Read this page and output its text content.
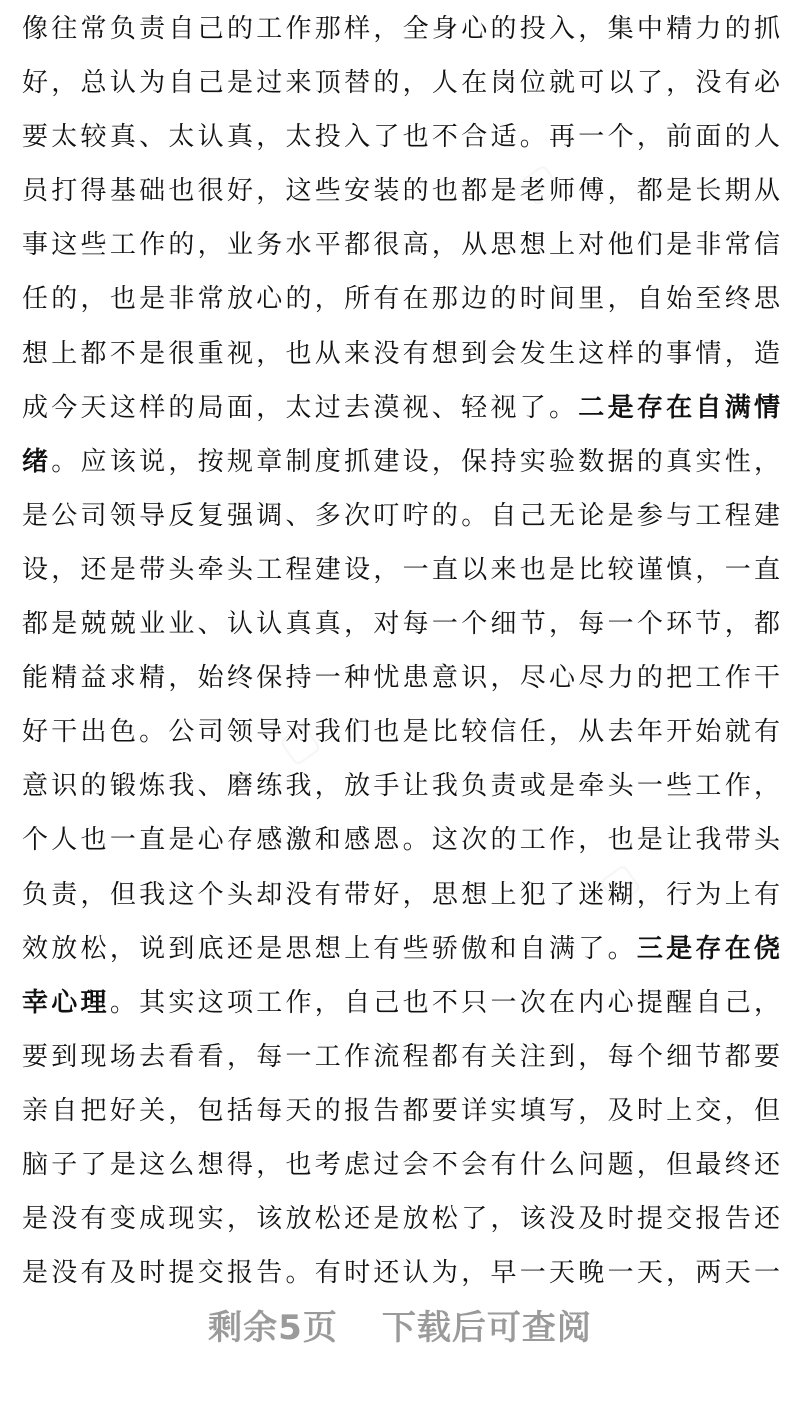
像往常负责自己的工作那样，全身心的投入，集中精力的抓
好，总认为自己是过来顶替的，人在岗位就可以了，没有必
要太较真、太认真，太投入了也不合适。再一个，前面的人
员打得基础也很好，这些安装的也都是老师傅，都是长期从
事这些工作的，业务水平都很高，从思想上对他们是非常信
任的，也是非常放心的，所有在那边的时间里，自始至终思
想上都不是很重视，也从来没有想到会发生这样的事情，造
成今天这样的局面，太过去漠视、轻视了。二是存在自满情
绪。应该说，按规章制度抓建设，保持实验数据的真实性，
是公司领导反复强调、多次叮咛的。自己无论是参与工程建
设，还是带头牵头工程建设，一直以来也是比较谨慎，一直
都是兢兢业业、认认真真，对每一个细节，每一个环节，都
能精益求精，始终保持一种忧患意识，尽心尽力的把工作干
好干出色。公司领导对我们也是比较信任，从去年开始就有
意识的锻炼我、磨练我，放手让我负责或是牵头一些工作，
个人也一直是心存感激和感恩。这次的工作，也是让我带头
负责，但我这个头却没有带好，思想上犯了迷糊，行为上有
效放松，说到底还是思想上有些骄傲和自满了。三是存在侥
幸心理。其实这项工作，自己也不只一次在内心提醒自己，
要到现场去看看，每一工作流程都有关注到，每个细节都要
亲自把好关，包括每天的报告都要详实填写，及时上交，但
脑子了是这么想得，也考虑过会不会有什么问题，但最终还
是没有变成现实，该放松还是放松了，该没及时提交报告还
是没有及时提交报告。有时还认为，早一天晚一天，两天一
剩余5页 下载后可查阅
